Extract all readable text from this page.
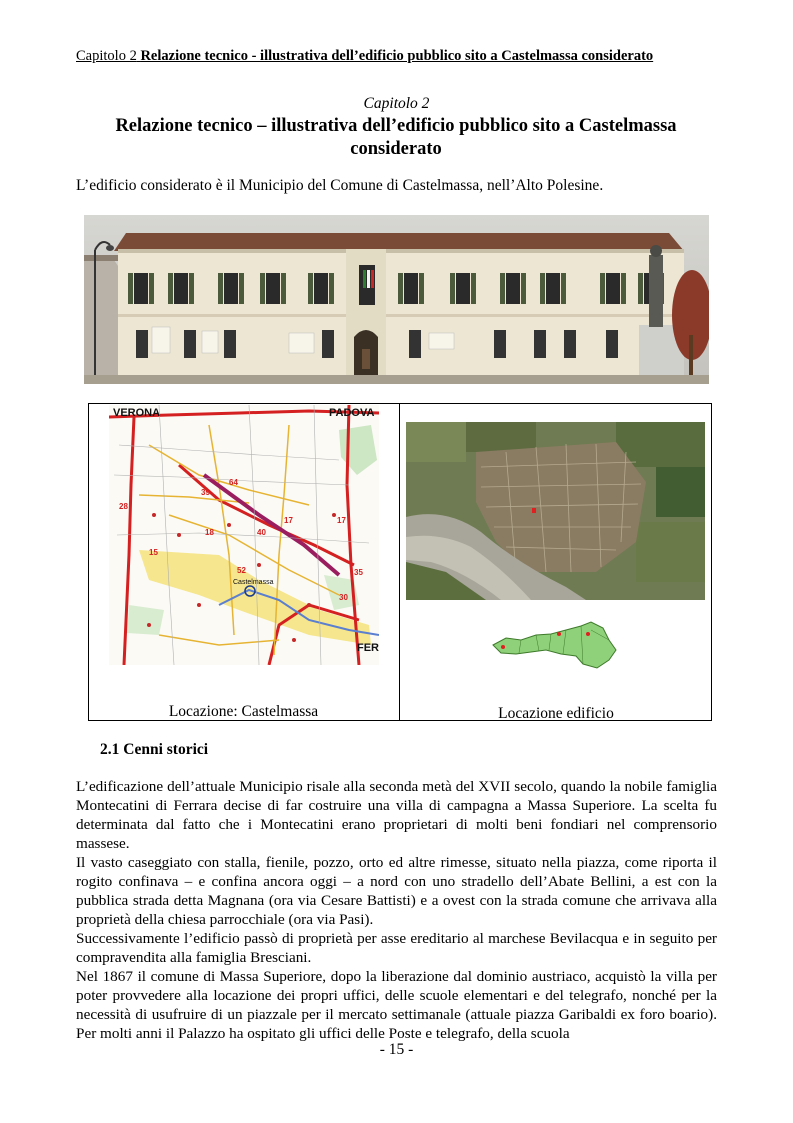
Capitolo 2 Relazione tecnico - illustrativa dell’edificio pubblico sito a Castelmassa considerato
Capitolo 2
Relazione tecnico – illustrativa dell’edificio pubblico sito a Castelmassa considerato
L’edificio considerato è il Municipio del Comune di Castelmassa, nell’Alto Polesine.
39
40
17	17
28
15
52
30
35
18
64
VERONA	PADOVA
Castelmassa
FER
Locazione: Castelmassa	Locazione edificio
2.1 Cenni storici

L’edificazione dell’attuale Municipio risale alla seconda metà del XVII secolo, quando la nobile famiglia Montecatini di Ferrara decise di far costruire una villa di campagna a Massa Superiore. La scelta fu determinata dal fatto che i Montecatini erano proprietari di molti beni fondiari nel comprensorio massese.

Il vasto caseggiato con stalla, fienile, pozzo, orto ed altre rimesse, situato nella piazza, come riporta il rogito confinava – e confina ancora oggi – a nord con uno stradello dell’Abate Bellini, a est con la pubblica strada detta Magnana (ora via Cesare Battisti) e a ovest con la strada comune che arrivava alla proprietà della chiesa parrocchiale (ora via Pasi).

Successivamente l’edificio passò di proprietà per asse ereditario al marchese Bevilacqua e in seguito per compravendita alla famiglia Bresciani.

Nel 1867 il comune di Massa Superiore, dopo la liberazione dal dominio austriaco, acquistò la villa per poter provvedere alla locazione dei propri uffici, delle scuole elementari e del telegrafo, nonché per la necessità di usufruire di un piazzale per il mercato settimanale (attuale piazza Garibaldi ex foro boario). Per molti anni il Palazzo ha ospitato gli uffici delle Poste e telegrafo, della scuola

- 15 -
